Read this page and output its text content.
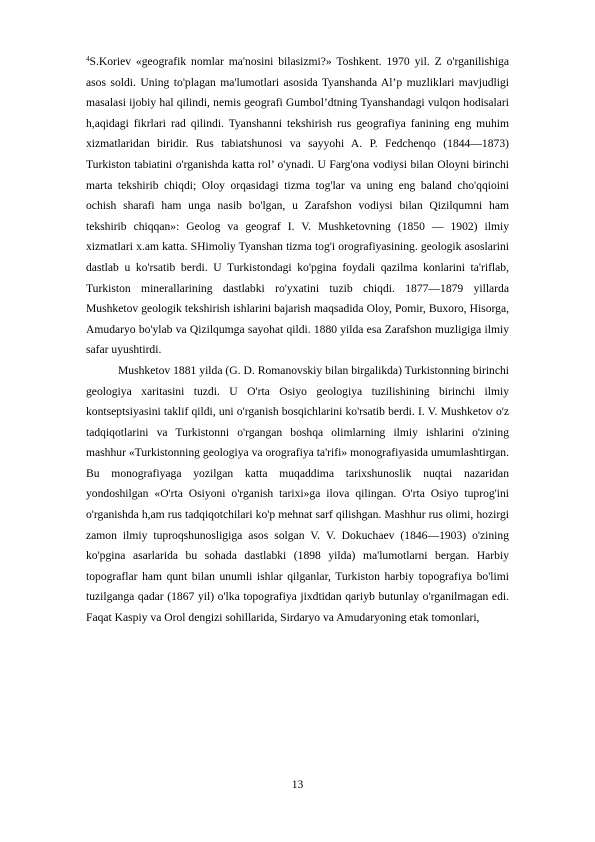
$^4$S.Koriev «geografik nomlar ma'nosini bilasizmi?» Toshkent. 1970 yil. Z o'rganilishiga asos soldi. Uning to'plagan ma'lumotlari asosida Tyanshanda Al’p muzliklari mavjudligi masalasi ijobiy hal qilindi, nemis geografi Gumbol’dtning Tyanshandagi vulqon hodisalari h,aqidagi fikrlari rad qilindi. Tyanshanni tekshirish rus geografiya fanining eng muhim xizmatlaridan biridir. Rus tabiatshunosi va sayyohi A. P. Fedchenqo (1844—1873) Turkiston tabiatini o'rganishda katta rol’ o'ynadi. U Farg'ona vodiysi bilan Oloyni birinchi marta tekshirib chiqdi; Oloy orqasidagi tizma tog'lar va uning eng baland cho'qqioini ochish sharafi ham unga nasib bo'lgan, u Zarafshon vodiysi bilan Qizilqumni ham tekshirib chiqqan»: Geolog va geograf I. V. Mushketovning (1850 — 1902) ilmiy xizmatlari x.am katta. SHimoliy Tyanshan tizma tog'i orografiyasining. geologik asoslarini dastlab u ko'rsatib berdi. U Turkistondagi ko'pgina foydali qazilma konlarini ta'riflab, Turkiston minerallarining dastlabki ro'yxatini tuzib chiqdi. 1877—1879 yillarda Mushketov geologik tekshirish ishlarini bajarish maqsadida Oloy, Pomir, Buxoro, Hisorga, Amudaryo bo'ylab va Qizilqumga sayohat qildi. 1880 yilda esa Zarafshon muzligiga ilmiy safar uyushtirdi.

Mushketov 1881 yilda (G. D. Romanovskiy bilan birgalikda) Turkistonning birinchi geologiya xaritasini tuzdi. U O'rta Osiyo geologiya tuzilishining birinchi ilmiy kontseptsiyasini taklif qildi, uni o'rganish bosqichlarini ko'rsatib berdi. I. V. Mushketov o'z tadqiqotlarini va Turkistonni o'rgangan boshqa olimlarning ilmiy ishlarini o'zining mashhur «Turkistonning geologiya va orografiya ta'rifi» monografiyasida umumlashtirgan. Bu monografiyaga yozilgan katta muqaddima tarixshunoslik nuqtai nazaridan yondoshilgan «O'rta Osiyoni o'rganish tarixi»ga ilova qilingan. O'rta Osiyo tuprog'ini o'rganishda h,am rus tadqiqotchilari ko'p mehnat sarf qilishgan. Mashhur rus olimi, hozirgi zamon ilmiy tuproqshunosligiga asos solgan V. V. Dokuchaev (1846—1903) o'zining ko'pgina asarlarida bu sohada dastlabki (1898 yilda) ma'lumotlarni bergan. Harbiy topograflar ham qunt bilan unumli ishlar qilganlar, Turkiston harbiy topografiya bo'limi tuzilganga qadar (1867 yil) o'lka topografiya jixdtidan qariyb butunlay o'rganilmagan edi. Faqat Kaspiy va Orol dengizi sohillarida, Sirdaryo va Amudaryoning etak tomonlari,

13
